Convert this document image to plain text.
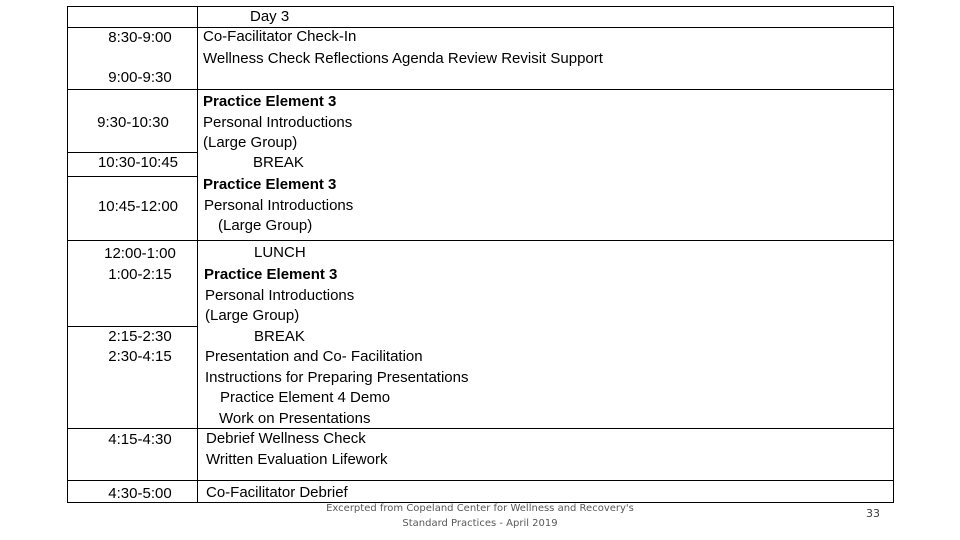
8:30-9:00
9:00-9:30
9:30-10:30
10:30-10:45
10:45-12:00
12:00-1:00
1:00-2:15
2:15-2:30
2:30-4:15
4:15-4:30
4:30-5:00
Day 3
Co-Facilitator Check-In
Wellness Check Reflections Agenda Review Revisit Support
Practice Element 3
Personal Introductions
(Large Group)
BREAK
Practice Element 3
Personal Introductions
(Large Group)
LUNCH
Practice Element 3
Personal Introductions
(Large Group)
BREAK
Presentation and Co- Facilitation
Instructions for Preparing Presentations
Practice Element 4 Demo
Work on Presentations
Debrief Wellness Check
Written Evaluation Lifework
Co-Facilitator Debrief
Excerpted from Copeland Center for Wellness and Recovery's
Standard Practices - April 2019
33
